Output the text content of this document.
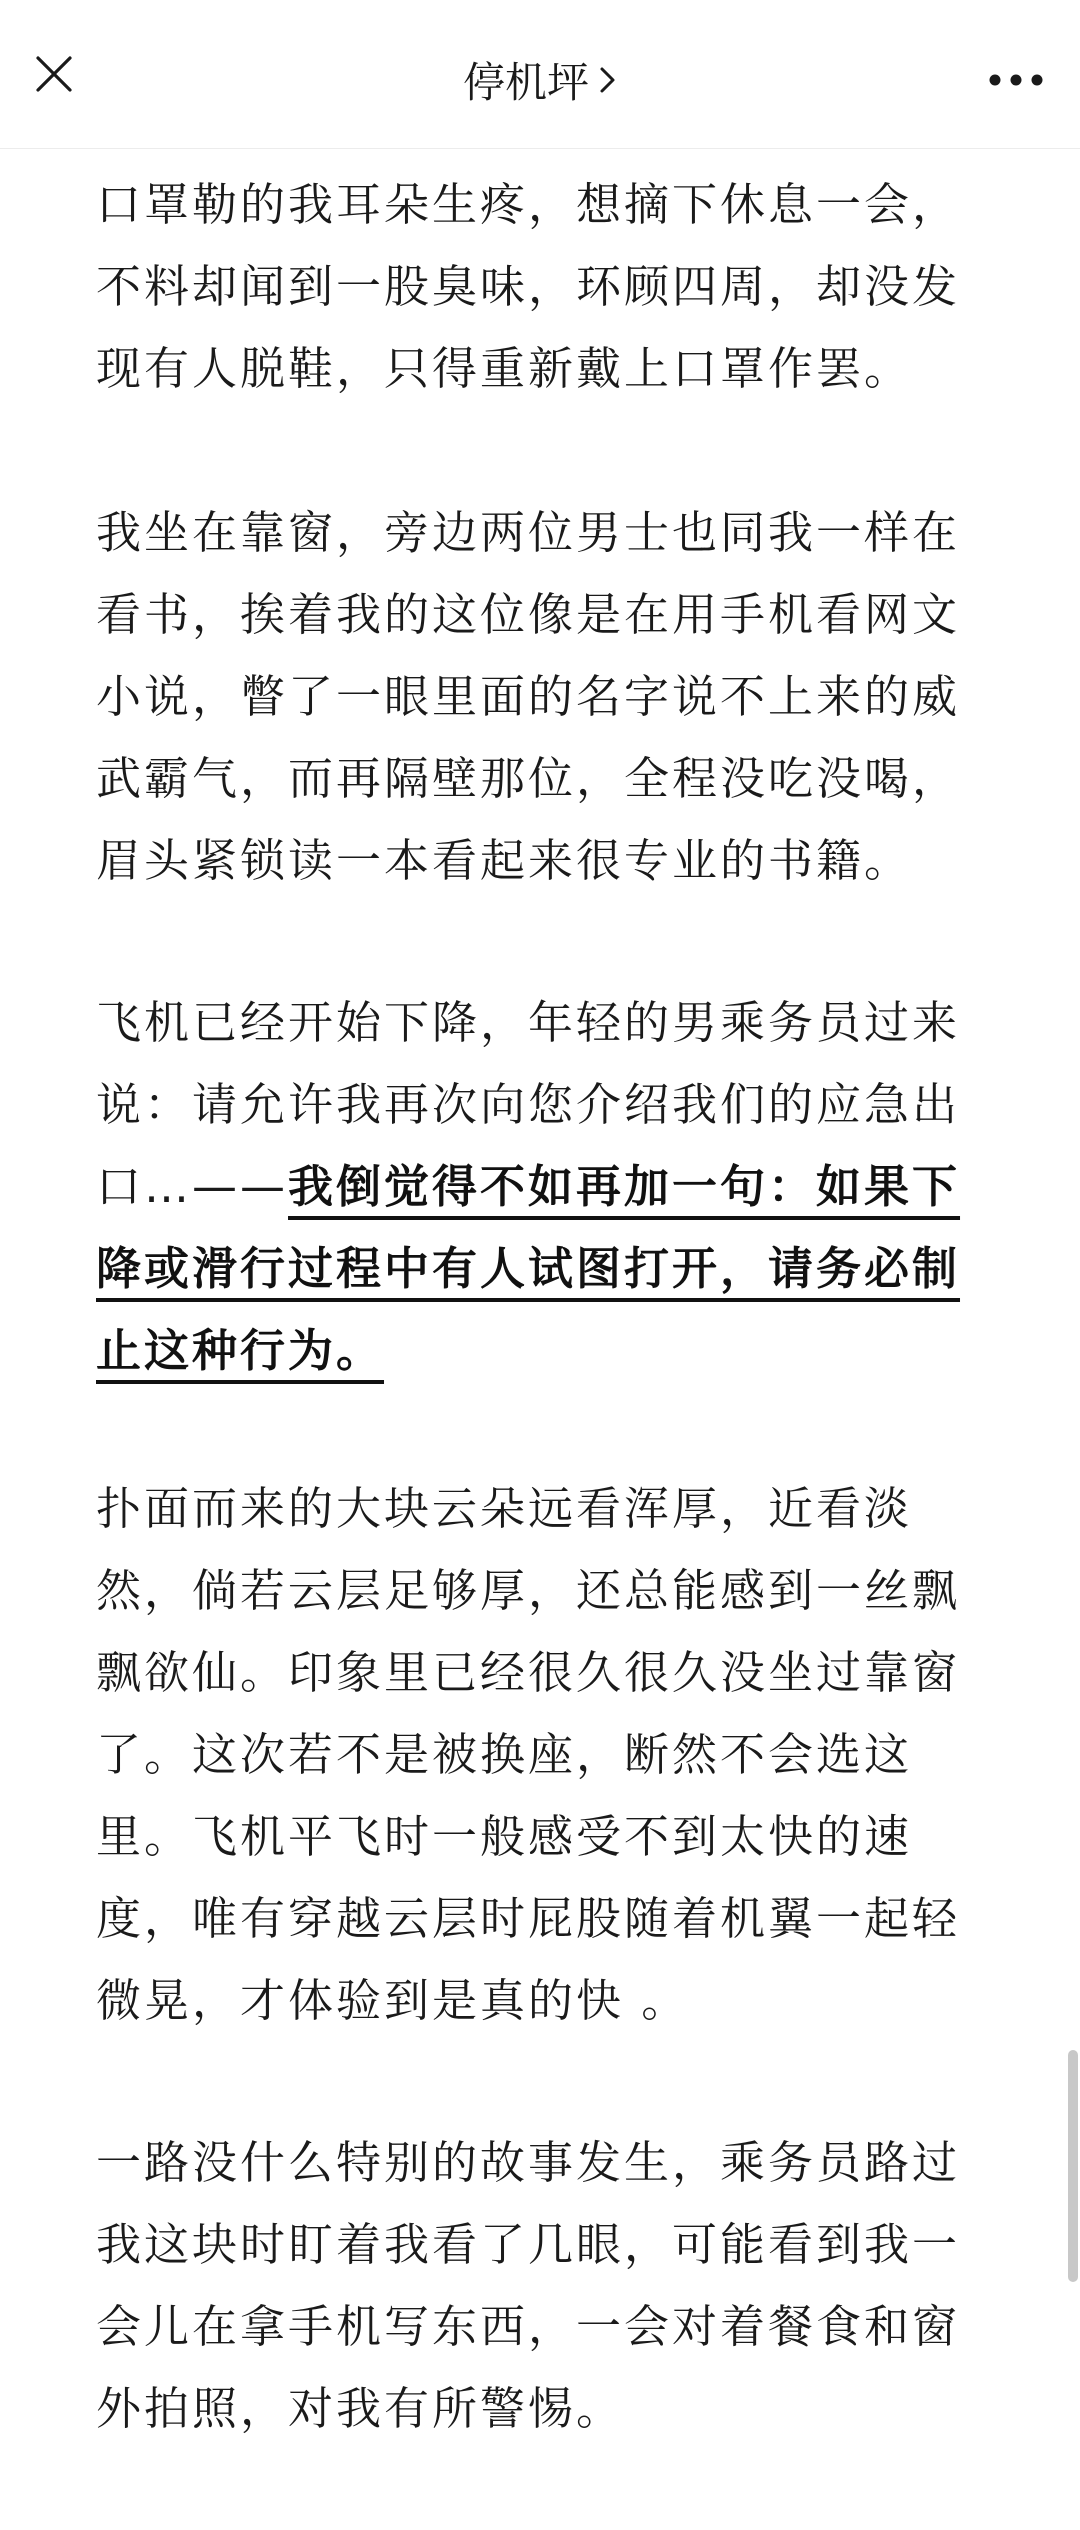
停机坪

口罩勒的我耳朵生疼，想摘下休息一会，不料却闻到一股臭味，环顾四周，却没发现有人脱鞋，只得重新戴上口罩作罢。

我坐在靠窗，旁边两位男士也同我一样在看书，挨着我的这位像是在用手机看网文小说，瞥了一眼里面的名字说不上来的威武霸气，而再隔壁那位，全程没吃没喝，眉头紧锁读一本看起来很专业的书籍。

飞机已经开始下降，年轻的男乘务员过来说：请允许我再次向您介绍我们的应急出口…——我倒觉得不如再加一句：如果下降或滑行过程中有人试图打开，请务必制止这种行为。

扑面而来的大块云朵远看浑厚，近看淡然，倘若云层足够厚，还总能感到一丝飘飘欲仙。印象里已经很久很久没坐过靠窗了。这次若不是被换座，断然不会选这里。飞机平飞时一般感受不到太快的速度，唯有穿越云层时屁股随着机翼一起轻微晃，才体验到是真的快 。

一路没什么特别的故事发生，乘务员路过我这块时盯着我看了几眼，可能看到我一会儿在拿手机写东西，一会对着餐食和窗外拍照，对我有所警惕。
